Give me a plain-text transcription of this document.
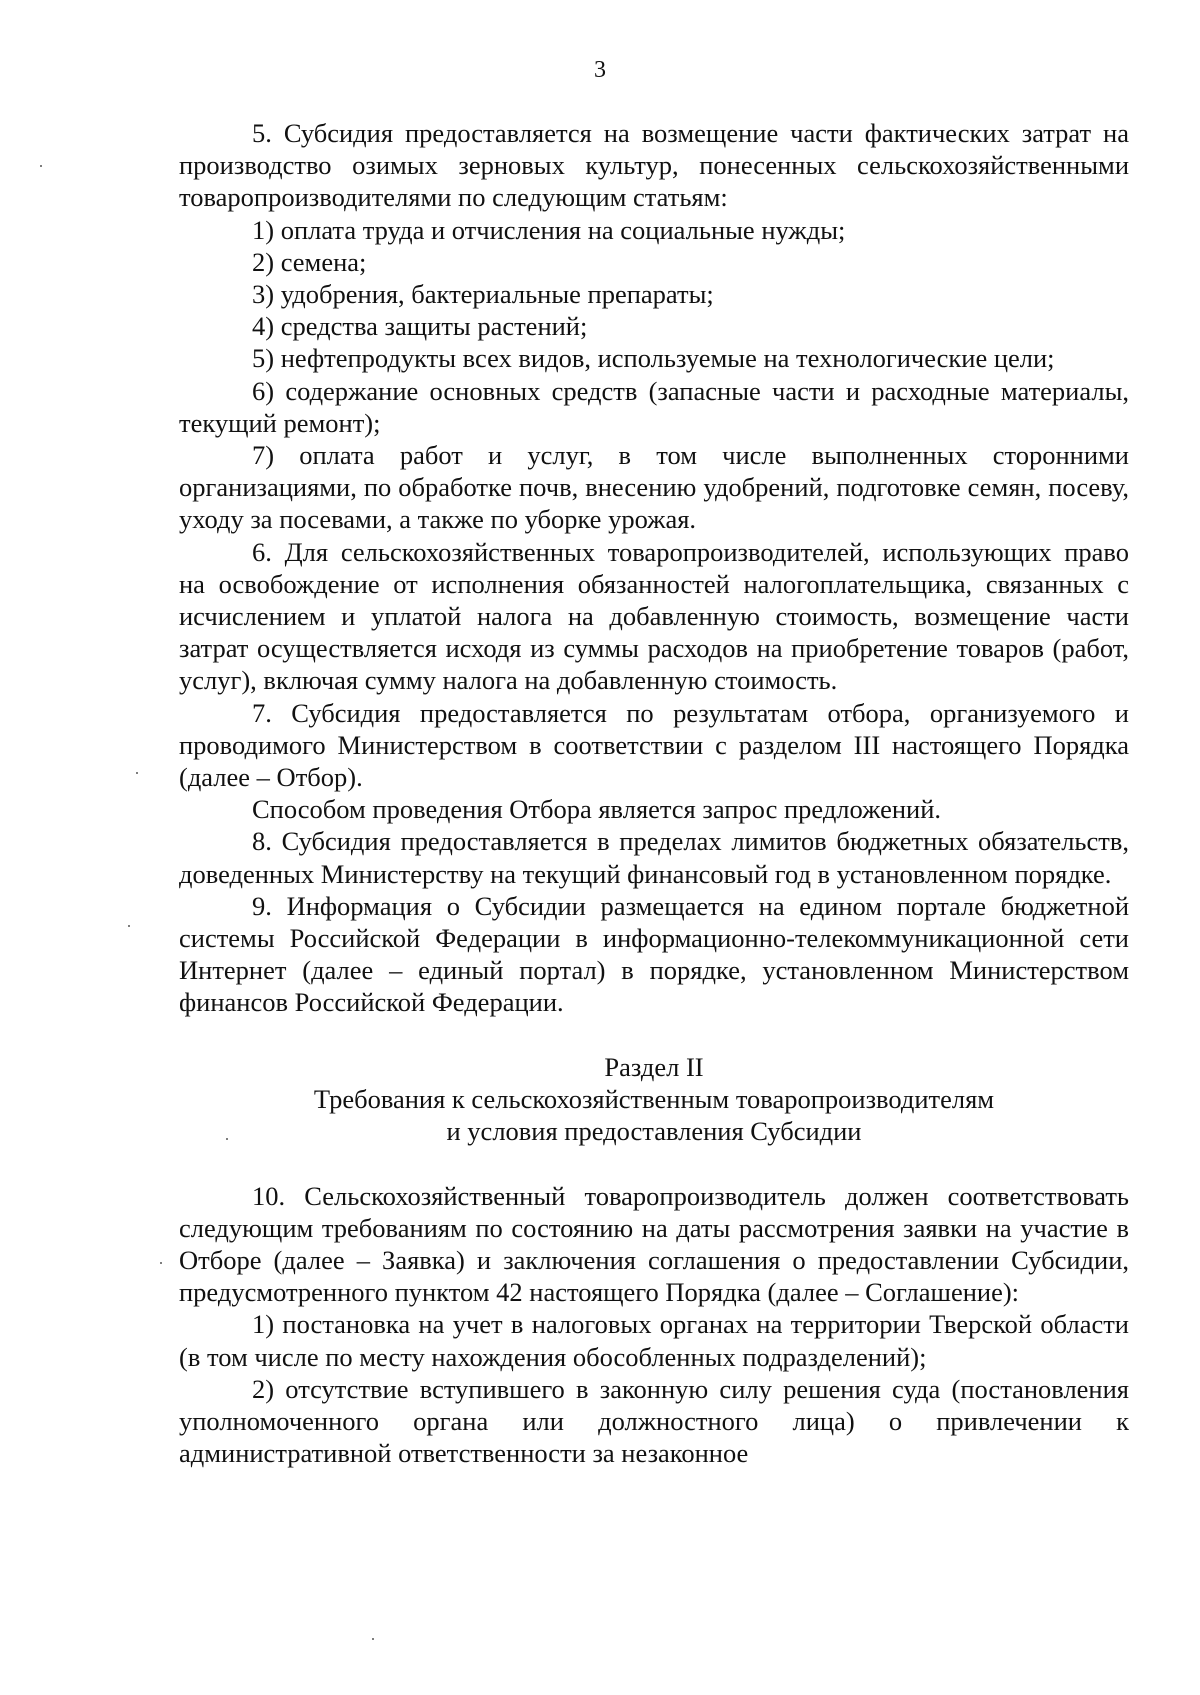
3

5. Субсидия предоставляется на возмещение части фактических затрат на производство озимых зерновых культур, понесенных сельскохозяйственными товаропроизводителями по следующим статьям:

1) оплата труда и отчисления на социальные нужды;

2) семена;

3) удобрения, бактериальные препараты;

4) средства защиты растений;

5) нефтепродукты всех видов, используемые на технологические цели;

6) содержание основных средств (запасные части и расходные материалы, текущий ремонт);

7) оплата работ и услуг, в том числе выполненных сторонними организациями, по обработке почв, внесению удобрений, подготовке семян, посеву, уходу за посевами, а также по уборке урожая.

6. Для сельскохозяйственных товаропроизводителей, использующих право на освобождение от исполнения обязанностей налогоплательщика, связанных с исчислением и уплатой налога на добавленную стоимость, возмещение части затрат осуществляется исходя из суммы расходов на приобретение товаров (работ, услуг), включая сумму налога на добавленную стоимость.

7. Субсидия предоставляется по результатам отбора, организуемого и проводимого Министерством в соответствии с разделом III настоящего Порядка (далее – Отбор).

Способом проведения Отбора является запрос предложений.

8. Субсидия предоставляется в пределах лимитов бюджетных обязательств, доведенных Министерству на текущий финансовый год в установленном порядке.

9. Информация о Субсидии размещается на едином портале бюджетной системы Российской Федерации в информационно-телекоммуникационной сети Интернет (далее – единый портал) в порядке, установленном Министерством финансов Российской Федерации.

Раздел II

Требования к сельскохозяйственным товаропроизводителям

и условия предоставления Субсидии

10. Сельскохозяйственный товаропроизводитель должен соответствовать следующим требованиям по состоянию на даты рассмотрения заявки на участие в Отборе (далее – Заявка) и заключения соглашения о предоставлении Субсидии, предусмотренного пунктом 42 настоящего Порядка (далее – Соглашение):

1) постановка на учет в налоговых органах на территории Тверской области (в том числе по месту нахождения обособленных подразделений);

2) отсутствие вступившего в законную силу решения суда (постановления уполномоченного органа или должностного лица) о привлечении к административной ответственности за незаконное
